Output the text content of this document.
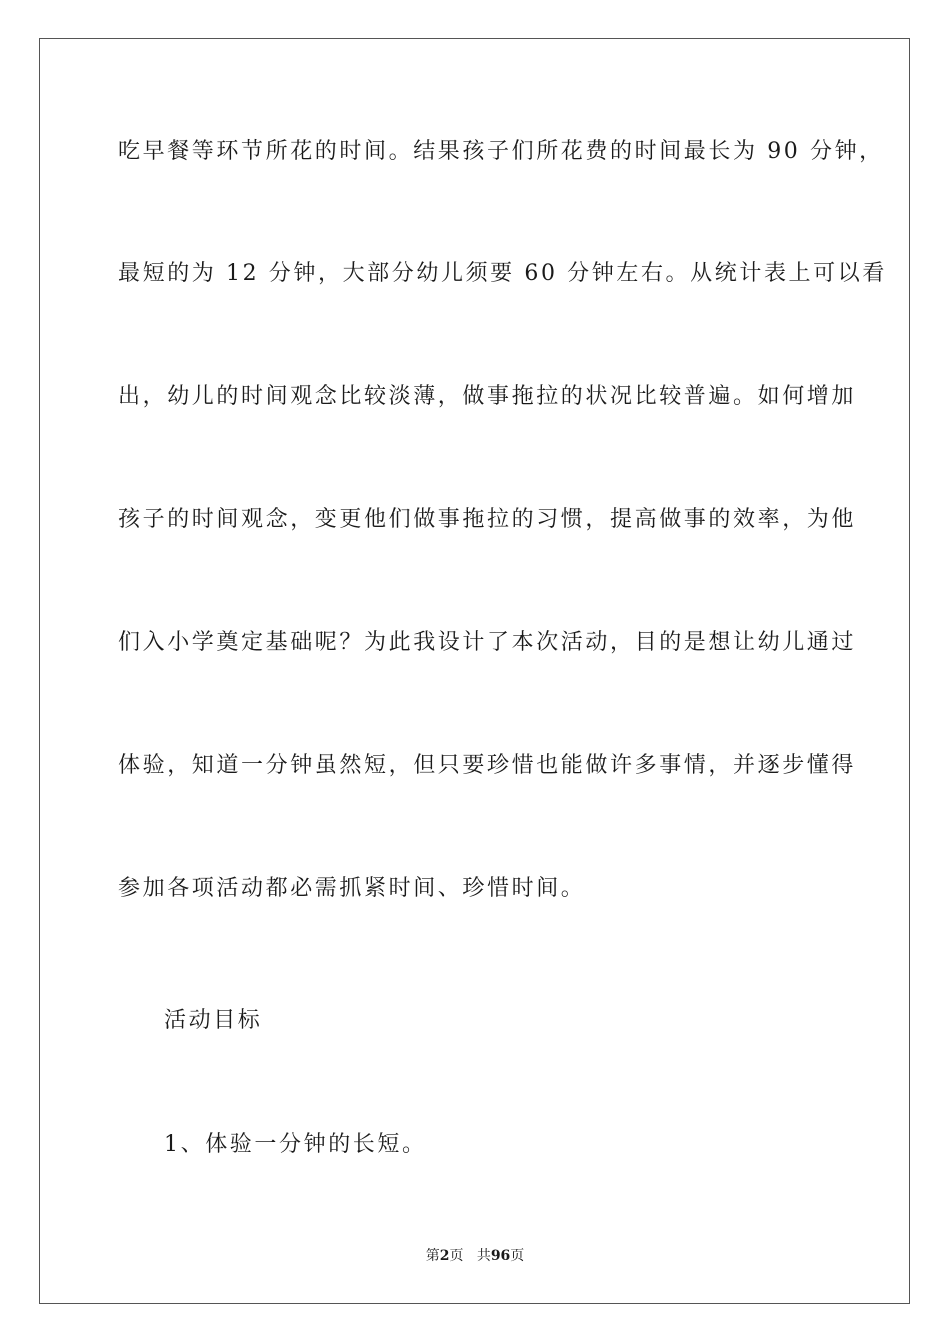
吃早餐等环节所花的时间。结果孩子们所花费的时间最长为 90 分钟，
最短的为 12 分钟，大部分幼儿须要 60 分钟左右。从统计表上可以看
出，幼儿的时间观念比较淡薄，做事拖拉的状况比较普遍。如何增加
孩子的时间观念，变更他们做事拖拉的习惯，提高做事的效率，为他
们入小学奠定基础呢？为此我设计了本次活动，目的是想让幼儿通过
体验，知道一分钟虽然短，但只要珍惜也能做许多事情，并逐步懂得
参加各项活动都必需抓紧时间、珍惜时间。
活动目标
1、体验一分钟的长短。
第2页 共96页
